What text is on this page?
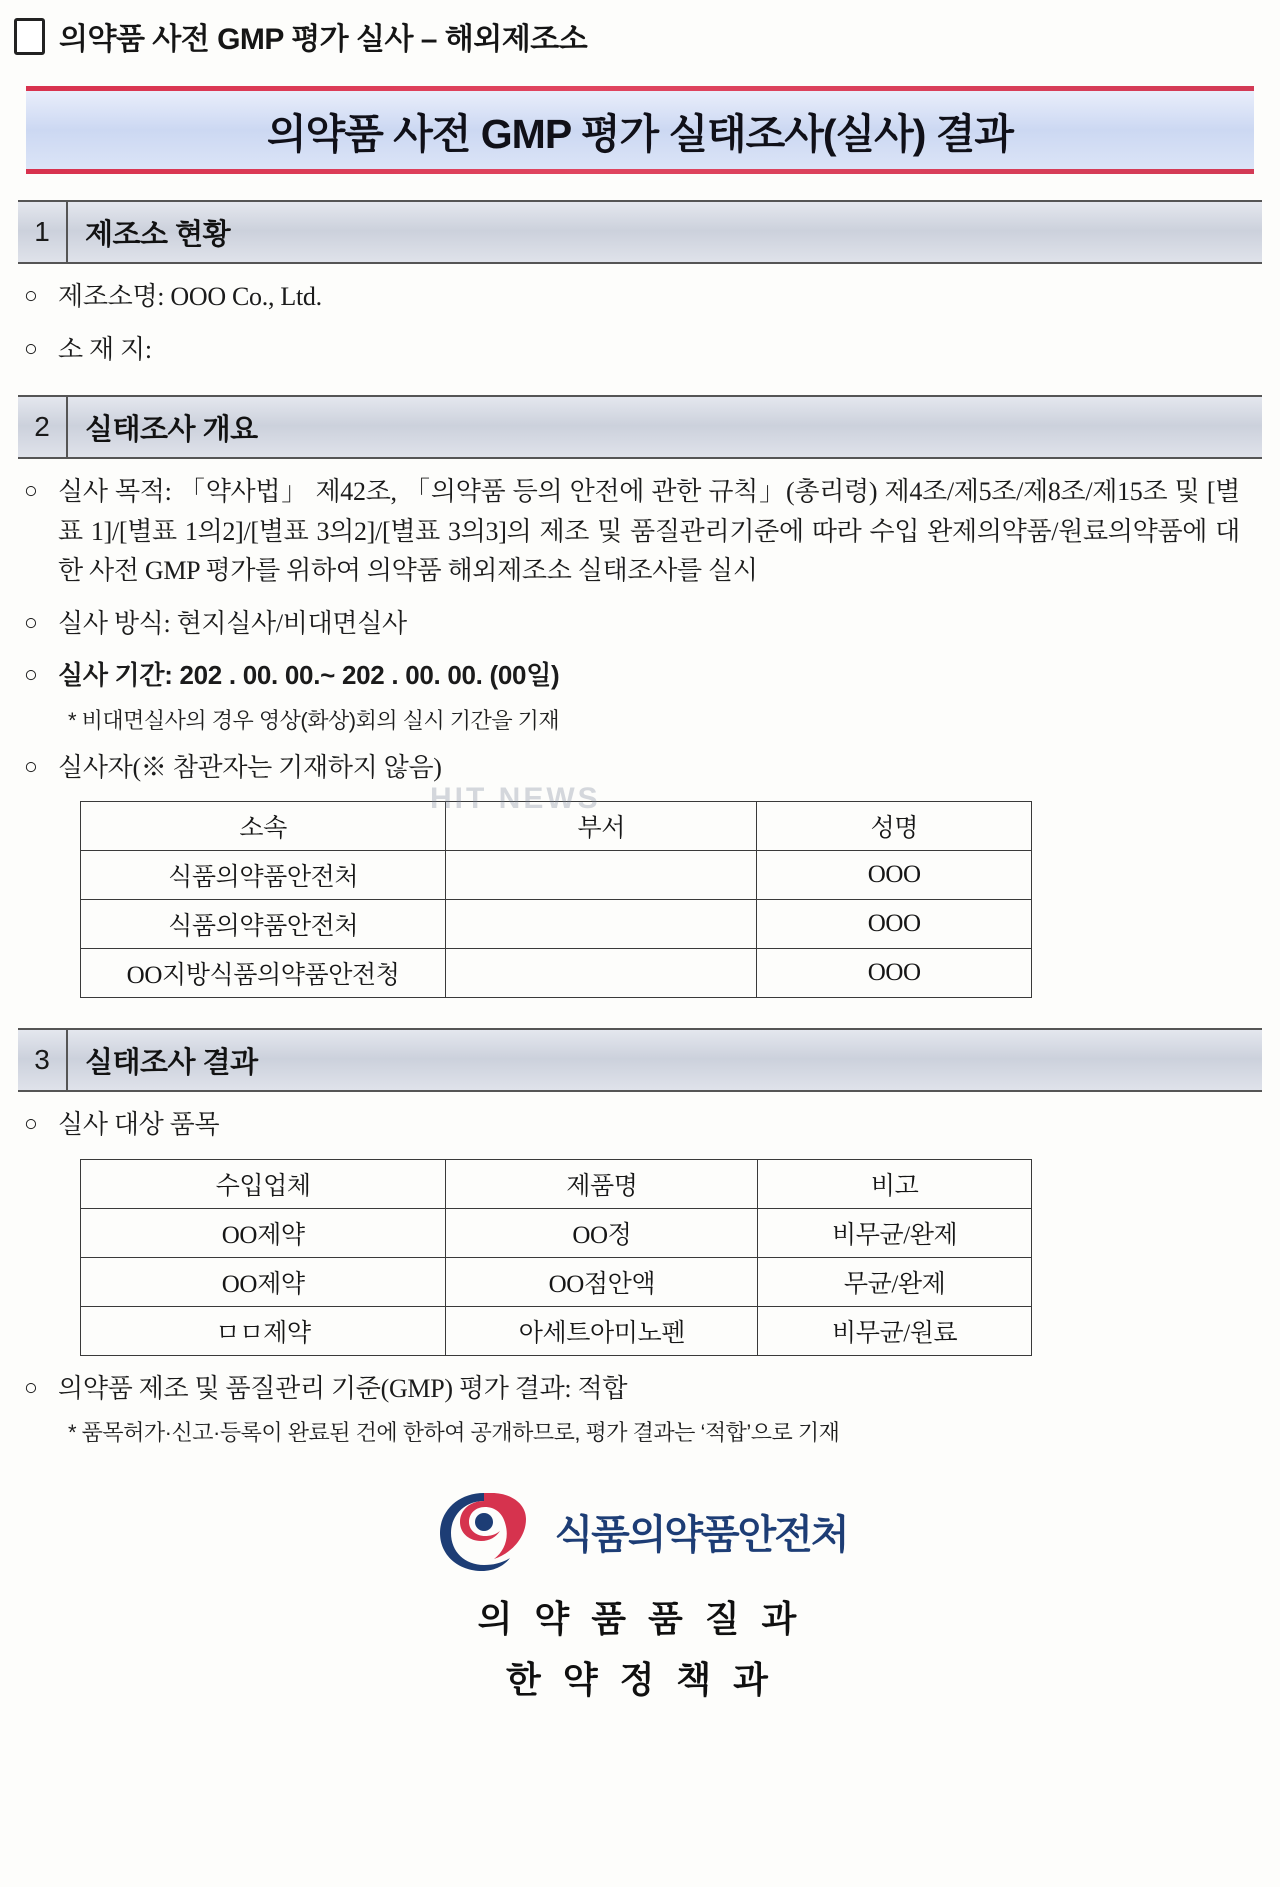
의약품 사전 GMP 평가 실사 – 해외제조소
의약품 사전 GMP 평가 실태조사(실사) 결과
1	제조소 현황
○ 제조소명: OOO Co., Ltd.
○ 소 재 지:
2	실태조사 개요
○ 실사 목적: 「약사법」 제42조, 「의약품 등의 안전에 관한 규칙」(총리령) 제4조/제5조/제8조/제15조 및 [별표 1]/[별표 1의2]/[별표 3의2]/[별표 3의3]의 제조 및 품질관리기준에 따라 수입 완제의약품/원료의약품에 대한 사전 GMP 평가를 위하여 의약품 해외제조소 실태조사를 실시
○ 실사 방식: 현지실사/비대면실사
○ 실사 기간: 202 . 00. 00.~ 202 . 00. 00. (00일)
* 비대면실사의 경우 영상(화상)회의 실시 기간을 기재
○ 실사자(※ 참관자는 기재하지 않음)
소속	부서	성명
식품의약품안전처		OOO
식품의약품안전처		OOO
OO지방식품의약품안전청		OOO
3	실태조사 결과
○ 실사 대상 품목
수입업체	제품명	비고
OO제약	OO정	비무균/완제
OO제약	OO점안액	무균/완제
ㅁㅁ제약	아세트아미노펜	비무균/원료
○ 의약품 제조 및 품질관리 기준(GMP) 평가 결과: 적합
* 품목허가·신고·등록이 완료된 건에 한하여 공개하므로, 평가 결과는 ‘적합’으로 기재
식품의약품안전처
의 약 품 품 질 과
한 약 정 책 과
HIT NEWS
